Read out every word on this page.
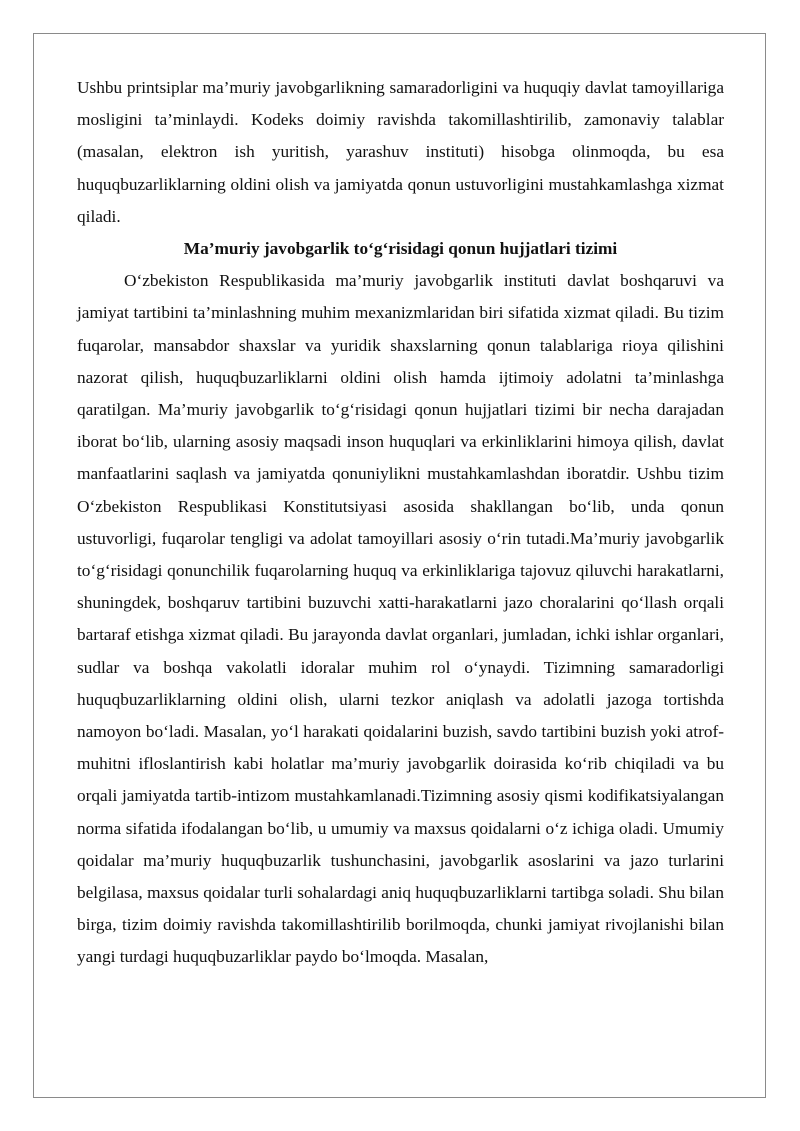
Ushbu printsiplar ma’muriy javobgarlikning samaradorligini va huquqiy davlat tamoyillariga mosligini ta’minlaydi. Kodeks doimiy ravishda takomillashtirilib, zamonaviy talablar (masalan, elektron ish yuritish, yarashuv instituti) hisobga olinmoqda, bu esa huquqbuzarliklarning oldini olish va jamiyatda qonun ustuvorligini mustahkamlashga xizmat qiladi.

Ma’muriy javobgarlik to‘g‘risidagi qonun hujjatlari tizimi

O‘zbekiston Respublikasida ma’muriy javobgarlik instituti davlat boshqaruvi va jamiyat tartibini ta’minlashning muhim mexanizmlaridan biri sifatida xizmat qiladi. Bu tizim fuqarolar, mansabdor shaxslar va yuridik shaxslarning qonun talablariga rioya qilishini nazorat qilish, huquqbuzarliklarni oldini olish hamda ijtimoiy adolatni ta’minlashga qaratilgan. Ma’muriy javobgarlik to‘g‘risidagi qonun hujjatlari tizimi bir necha darajadan iborat bo‘lib, ularning asosiy maqsadi inson huquqlari va erkinliklarini himoya qilish, davlat manfaatlarini saqlash va jamiyatda qonuniylikni mustahkamlashdan iboratdir. Ushbu tizim O‘zbekiston Respublikasi Konstitutsiyasi asosida shakllangan bo‘lib, unda qonun ustuvorligi, fuqarolar tengligi va adolat tamoyillari asosiy o‘rin tutadi.Ma’muriy javobgarlik to‘g‘risidagi qonunchilik fuqarolarning huquq va erkinliklariga tajovuz qiluvchi harakatlarni, shuningdek, boshqaruv tartibini buzuvchi xatti-harakatlarni jazo choralarini qo‘llash orqali bartaraf etishga xizmat qiladi. Bu jarayonda davlat organlari, jumladan, ichki ishlar organlari, sudlar va boshqa vakolatli idoralar muhim rol o‘ynaydi. Tizimning samaradorligi huquqbuzarliklarning oldini olish, ularni tezkor aniqlash va adolatli jazoga tortishda namoyon bo‘ladi. Masalan, yo‘l harakati qoidalarini buzish, savdo tartibini buzish yoki atrof-muhitni ifloslantirish kabi holatlar ma’muriy javobgarlik doirasida ko‘rib chiqiladi va bu orqali jamiyatda tartib-intizom mustahkamlanadi.Tizimning asosiy qismi kodifikatsiyalangan norma sifatida ifodalangan bo‘lib, u umumiy va maxsus qoidalarni o‘z ichiga oladi. Umumiy qoidalar ma’muriy huquqbuzarlik tushunchasini, javobgarlik asoslarini va jazo turlarini belgilasa, maxsus qoidalar turli sohalardagi aniq huquqbuzarliklarni tartibga soladi. Shu bilan birga, tizim doimiy ravishda takomillashtirilib borilmoqda, chunki jamiyat rivojlanishi bilan yangi turdagi huquqbuzarliklar paydo bo‘lmoqda. Masalan,
